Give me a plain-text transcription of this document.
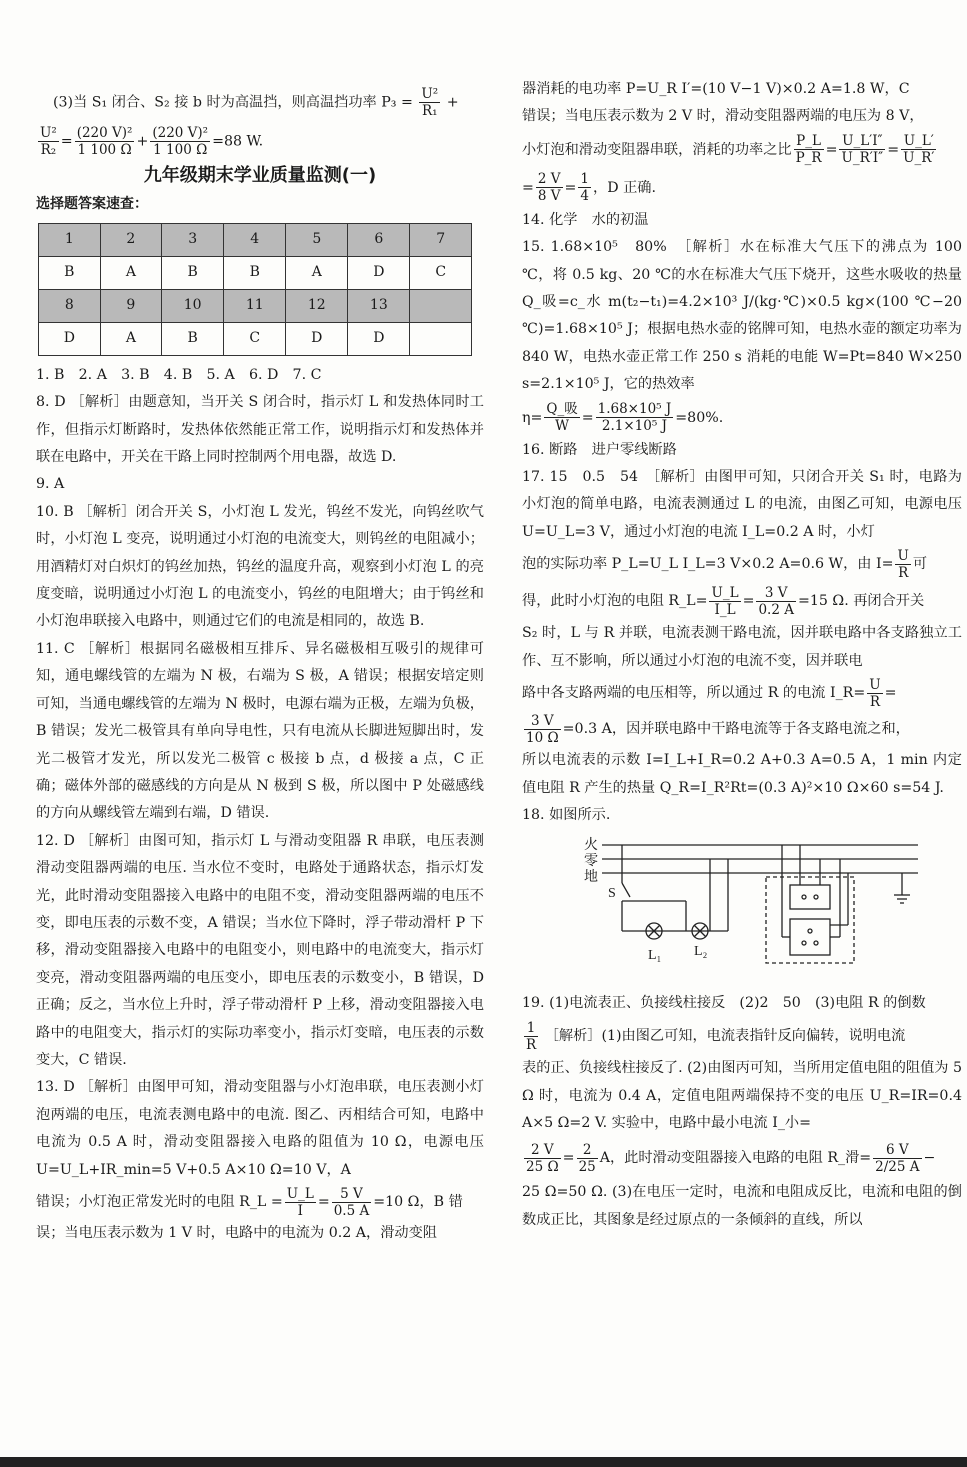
(3)当 S₁ 闭合、S₂ 接 b 时为高温挡，则高温挡功率 $P_3 = \frac{\text{U²}}{\text{R₁}}$ +

$\frac{\text{U²}}{\text{R₂}} = \frac{\text{(220 V)²}}{1 100 \Omega} + \frac{\text{(220 V)²}}{1 100 \Omega} =88$ W.

九年级期末学业质量监测(一)
选择题答案速查：
1	2	3	4	5	6	7
B	A	B	B	A	D	C
8	9	10	11	12	13	
D	A	B	C	D	D	

1. B　2. A　3. B　4. B　5. A　6. D　7. C

8. D ［解析］由题意知，当开关 S 闭合时，指示灯 L 和发热体同时工作，但指示灯断路时，发热体依然能正常工作，说明指示灯和发热体并联在电路中，开关在干路上同时控制两个用电器，故选 D.

9. A

10. B ［解析］闭合开关 S，小灯泡 L 发光，钨丝不发光，向钨丝吹气时，小灯泡 L 变亮，说明通过小灯泡的电流变大，则钨丝的电阻减小；用酒精灯对白炽灯的钨丝加热，钨丝的温度升高，观察到小灯泡 L 的亮度变暗，说明通过小灯泡 L 的电流变小，钨丝的电阻增大；由于钨丝和小灯泡串联接入电路中，则通过它们的电流是相同的，故选 B.

11. C ［解析］根据同名磁极相互排斥、异名磁极相互吸引的规律可知，通电螺线管的左端为 N 极，右端为 S 极，A 错误；根据安培定则可知，当通电螺线管的左端为 N 极时，电源右端为正极，左端为负极，B 错误；发光二极管具有单向导电性，只有电流从长脚进短脚出时，发光二极管才发光，所以发光二极管 c 极接 b 点，d 极接 a 点，C 正确；磁体外部的磁感线的方向是从 N 极到 S 极，所以图中 P 处磁感线的方向从螺线管左端到右端，D 错误.

12. D ［解析］由图可知，指示灯 L 与滑动变阻器 R 串联，电压表测滑动变阻器两端的电压. 当水位不变时，电路处于通路状态，指示灯发光，此时滑动变阻器接入电路中的电阻不变，滑动变阻器两端的电压不变，即电压表的示数不变，A 错误；当水位下降时，浮子带动滑杆 P 下移，滑动变阻器接入电路中的电阻变小，则电路中的电流变大，指示灯变亮，滑动变阻器两端的电压变小，即电压表的示数变小，B 错误，D 正确；反之，当水位上升时，浮子带动滑杆 P 上移，滑动变阻器接入电路中的电阻变大，指示灯的实际功率变小，指示灯变暗，电压表的示数变大，C 错误.

13. D ［解析］由图甲可知，滑动变阻器与小灯泡串联，电压表测小灯泡两端的电压，电流表测电路中的电流. 图乙、丙相结合可知，电路中电流为 0.5 A 时，滑动变阻器接入电路的阻值为 10 Ω，电源电压 U=U_L+IR_min=5 V+0.5 A×10 Ω=10 V，A

错误；小灯泡正常发光时的电阻 R_L = $\frac{U\_L}{I} = \frac{5 V}{0.5 A} =10$ Ω，B 错

误；当电压表示数为 1 V 时，电路中的电流为 0.2 A，滑动变阻

器消耗的电功率 P=U_R I′=(10 V−1 V)×0.2 A=1.8 W，C

错误；当电压表示数为 2 V 时，滑动变阻器两端的电压为 8 V，

小灯泡和滑动变阻器串联，消耗的功率之比 $\frac{P\_L}{P\_R} = \frac{U\_L'I''}{U\_R'I''} = \frac{U\_L'}{U\_R'}$

= $\frac{2 V}{8 V} = \frac{1}{4}$ ，D 正确.

14. 化学　水的初温

15. 1.68×10⁵　80%　［解析］水在标准大气压下的沸点为 100 ℃，将 0.5 kg、20 ℃的水在标准大气压下烧开，这些水吸收的热量 Q_吸=c_水 m(t₂−t₁)=4.2×10³ J/(kg·℃)×0.5 kg×(100 ℃−20 ℃)=1.68×10⁵ J；根据电热水壶的铭牌可知，电热水壶的额定功率为 840 W，电热水壶正常工作 250 s 消耗的电能 W=Pt=840 W×250 s=2.1×10⁵ J，它的热效率

$\eta= \frac{\text{Q\_吸}}{W} = \frac{\text{1.68×10⁵ J}}{\text{2.1×10⁵ J}} =80\%$.

16. 断路　进户零线断路

17. 15　0.5　54　［解析］由图甲可知，只闭合开关 S₁ 时，电路为小灯泡的简单电路，电流表测通过 L 的电流，由图乙可知，电源电压 U=U_L=3 V，通过小灯泡的电流 I_L=0.2 A 时，小灯

泡的实际功率 P_L=U_L I_L=3 V×0.2 A=0.6 W，由 $I= \frac{U}{R}$ 可

得，此时小灯泡的电阻 R_L= $\frac{U\_L}{I\_L} = \frac{3 V}{0.2 A} =15$ Ω. 再闭合开关

S₂ 时，L 与 R 并联，电流表测干路电流，因并联电路中各支路独立工作、互不影响，所以通过小灯泡的电流不变，因并联电

路中各支路两端的电压相等，所以通过 R 的电流 I_R= $\frac{U}{R}$ =

$\frac{3 V}{10 \Omega} =0.3$ A，因并联电路中干路电流等于各支路电流之和，

所以电流表的示数 I=I_L+I_R=0.2 A+0.3 A=0.5 A，1 min 内定值电阻 R 产生的热量 Q_R=I_R²Rt=(0.3 A)²×10 Ω×60 s=54 J.

18. 如图所示.

火
零
地
S
L₁ L₂

19. (1)电流表正、负接线柱接反　(2)2　50　(3)电阻 R 的倒数

$\frac{1}{R}$ ［解析］(1)由图乙可知，电流表指针反向偏转，说明电流

表的正、负接线柱接反了. (2)由图丙可知，当所用定值电阻的阻值为 5 Ω 时，电流为 0.4 A，定值电阻两端保持不变的电压 U_R=IR=0.4 A×5 Ω=2 V. 实验中，电路中最小电流 I_小=

$\frac{2 V}{25 \Omega} = \frac{2}{25}$ A，此时滑动变阻器接入电路的电阻 R_滑= $\frac{6 V}{2/25 A}$ −

25 Ω=50 Ω. (3)在电压一定时，电流和电阻成反比，电流和电阻的倒数成正比，其图象是经过原点的一条倾斜的直线，所以
